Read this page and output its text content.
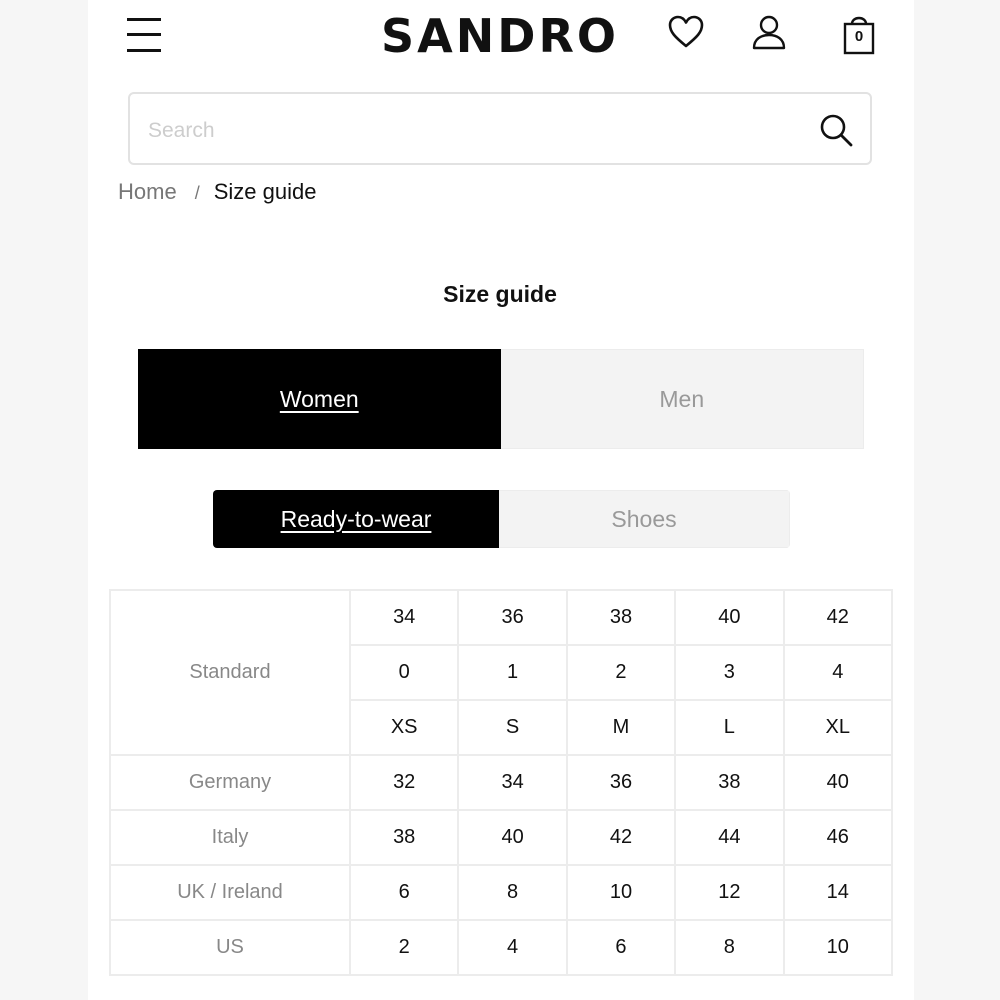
SANDRO	0
Search
Home / Size guide
Size guide
Women	Men
Ready-to-wear	Shoes
Standard	34	36	38	40	42
	0	1	2	3	4
	XS	S	M	L	XL
Germany	32	34	36	38	40
Italy	38	40	42	44	46
UK / Ireland	6	8	10	12	14
US	2	4	6	8	10
